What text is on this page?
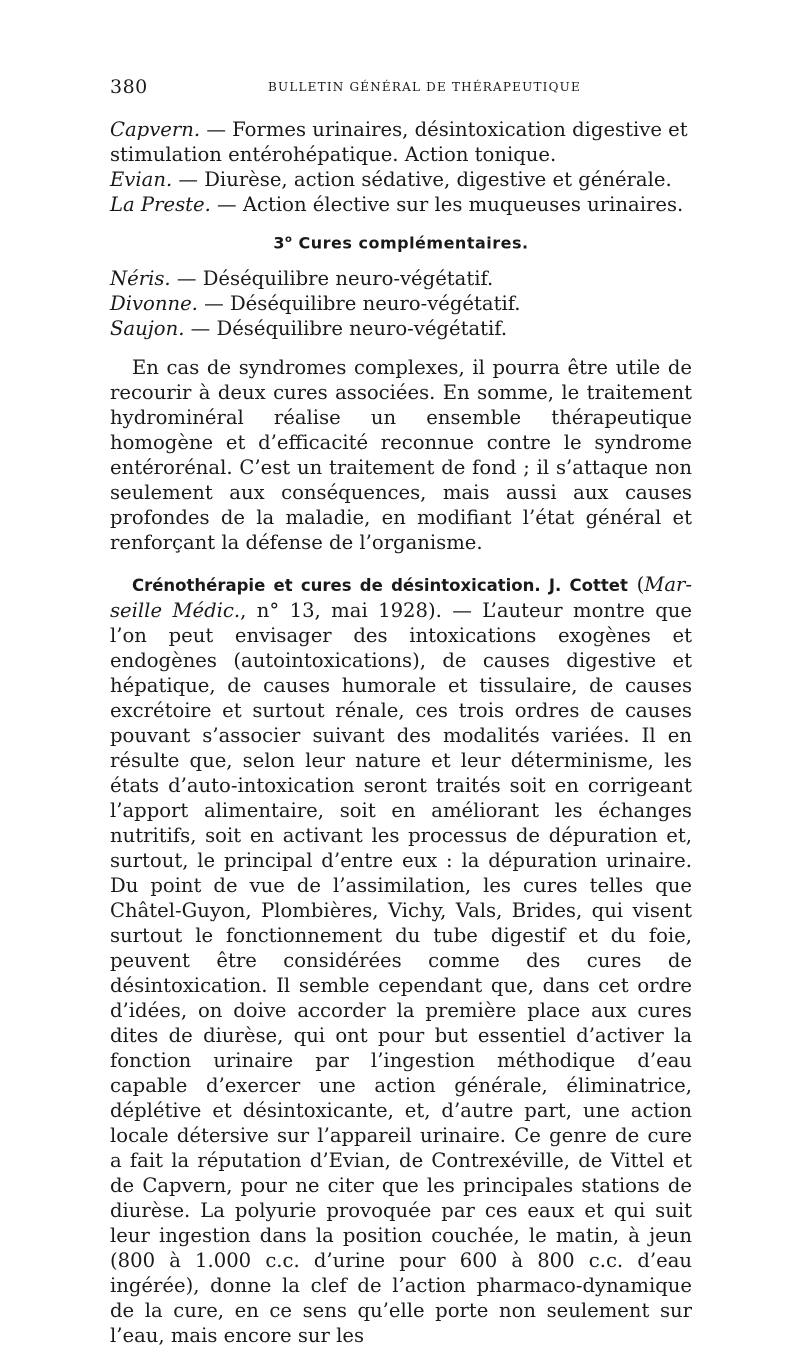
380	BULLETIN GÉNÉRAL DE THÉRAPEUTIQUE

Capvern. — Formes urinaires, désintoxication digestive et stimulation entérohépatique. Action tonique.

Evian. — Diurèse, action sédative, digestive et générale.

La Preste. — Action élective sur les muqueuses urinaires.

3$^o$ Cures complémentaires.

Néris. — Déséquilibre neuro-végétatif.

Divonne. — Déséquilibre neuro-végétatif.

Saujon. — Déséquilibre neuro-végétatif.

En cas de syndromes complexes, il pourra être utile de recourir à deux cures associées. En somme, le traitement hydrominéral réalise un ensemble thérapeutique homogène et d’efficacité reconnue contre le syndrome entérorénal. C’est un traitement de fond ; il s’attaque non seulement aux conséquences, mais aussi aux causes profondes de la maladie, en modifiant l’état général et renforçant la défense de l’organisme.

Crénothérapie et cures de désintoxication. J. Cottet (Marseille Médic., n° 13, mai 1928). — L’auteur montre que l’on peut envisager des intoxications exogènes et endogènes (autointoxications), de causes digestive et hépatique, de causes humorale et tissulaire, de causes excrétoire et surtout rénale, ces trois ordres de causes pouvant s’associer suivant des modalités variées. Il en résulte que, selon leur nature et leur déterminisme, les états d’auto-intoxication seront traités soit en corrigeant l’apport alimentaire, soit en améliorant les échanges nutritifs, soit en activant les processus de dépuration et, surtout, le principal d’entre eux : la dépuration urinaire. Du point de vue de l’assimilation, les cures telles que Châtel-Guyon, Plombières, Vichy, Vals, Brides, qui visent surtout le fonctionnement du tube digestif et du foie, peuvent être considérées comme des cures de désintoxication. Il semble cependant que, dans cet ordre d’idées, on doive accorder la première place aux cures dites de diurèse, qui ont pour but essentiel d’activer la fonction urinaire par l’ingestion méthodique d’eau capable d’exercer une action générale, éliminatrice, déplétive et désintoxicante, et, d’autre part, une action locale détersive sur l’appareil urinaire. Ce genre de cure a fait la réputation d’Evian, de Contrexéville, de Vittel et de Capvern, pour ne citer que les principales stations de diurèse. La polyurie provoquée par ces eaux et qui suit leur ingestion dans la position couchée, le matin, à jeun (800 à 1.000 c.c. d’urine pour 600 à 800 c.c. d’eau ingérée), donne la clef de l’action pharmaco-dynamique de la cure, en ce sens qu’elle porte non seulement sur l’eau, mais encore sur les
